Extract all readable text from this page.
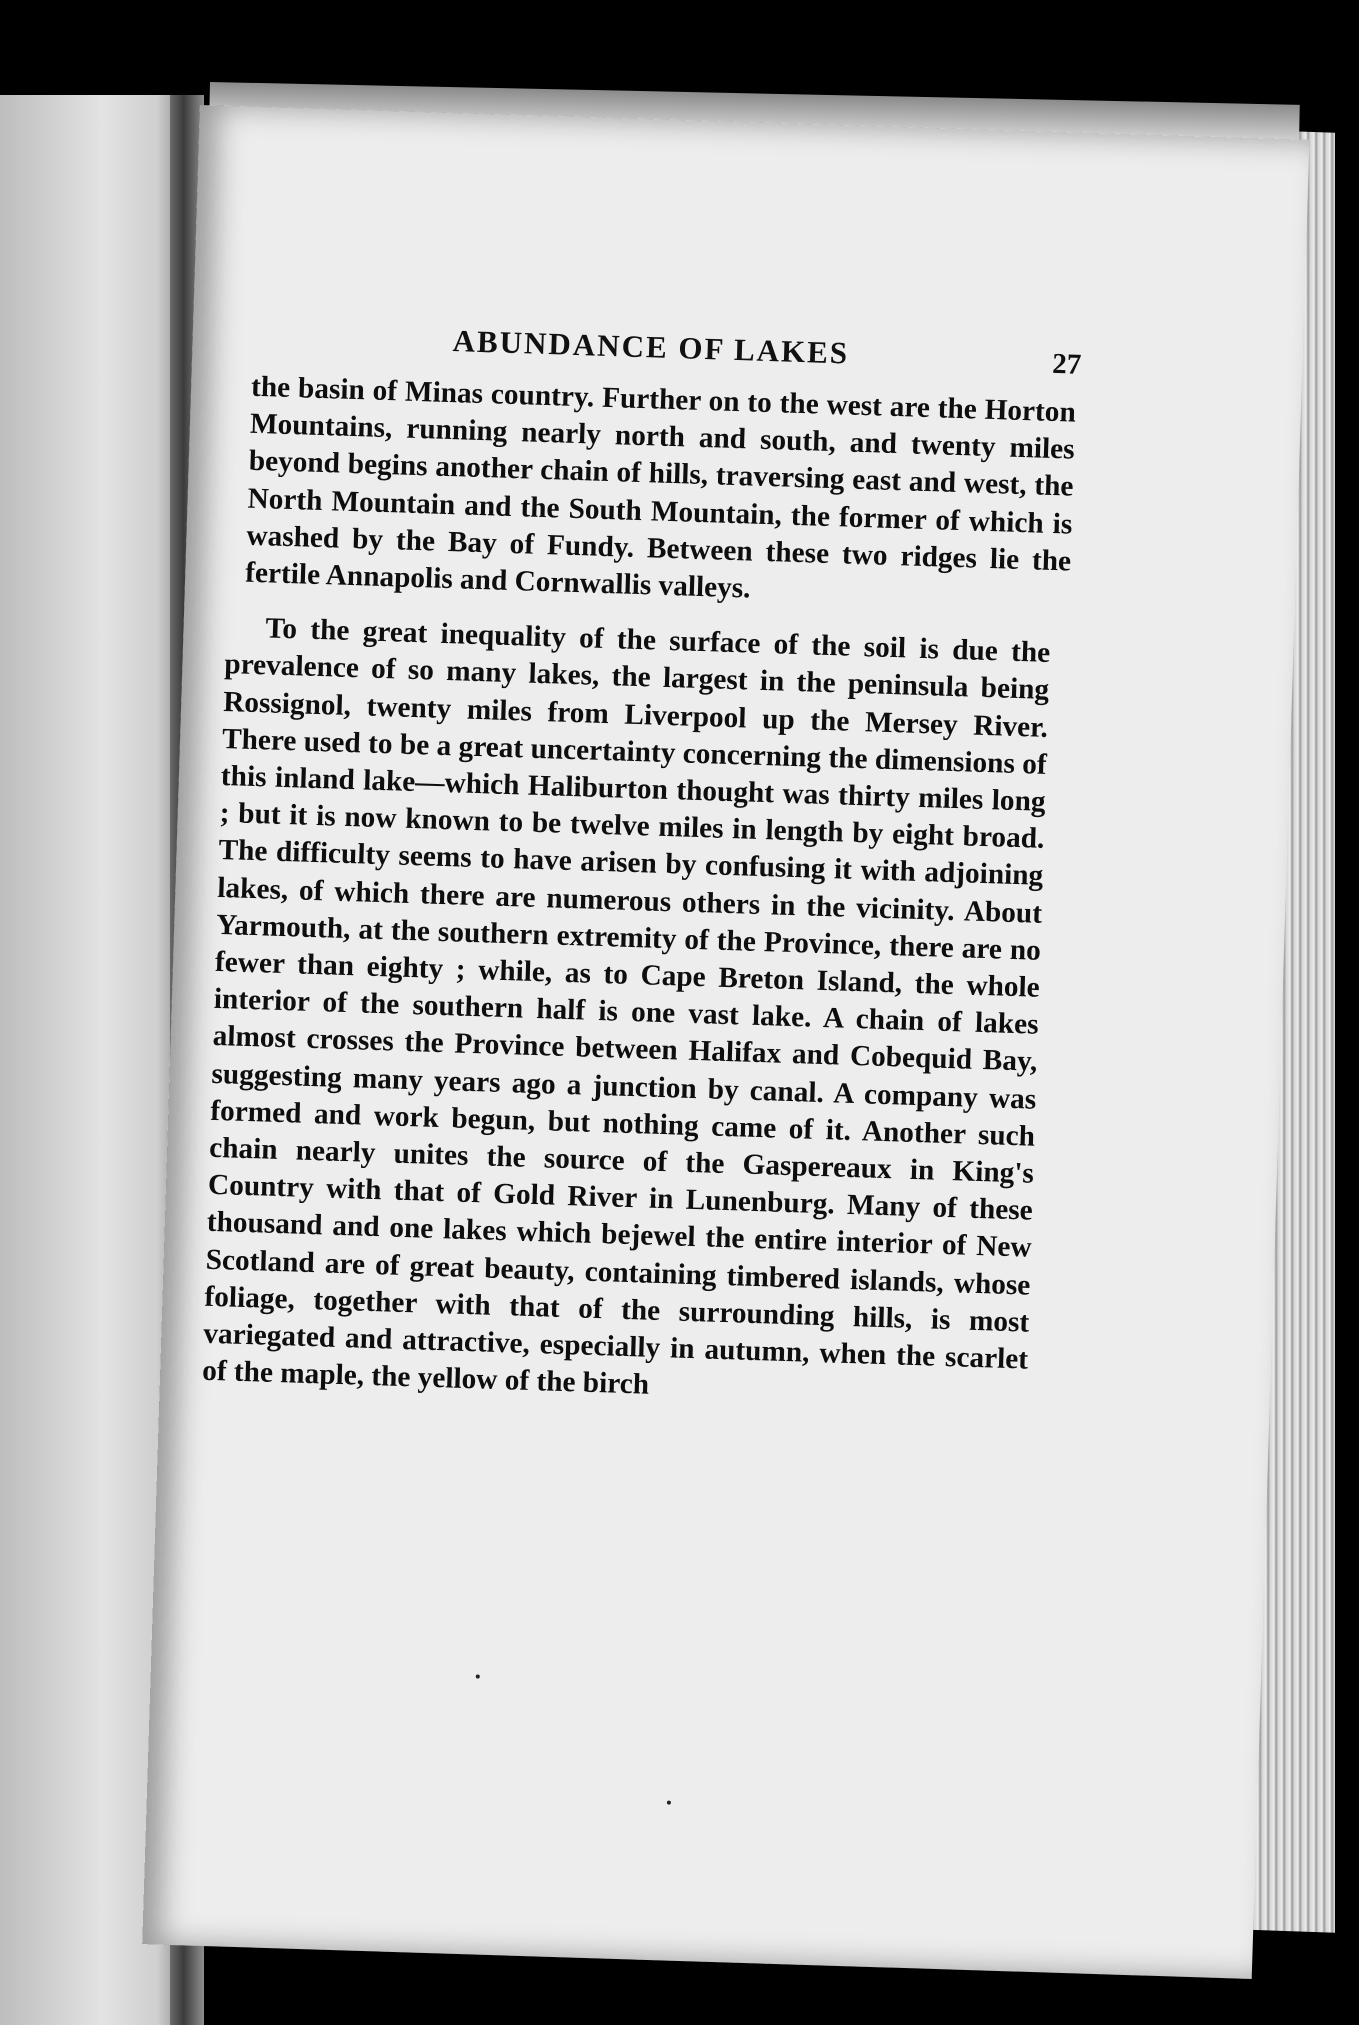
ABUNDANCE OF LAKES	27

the basin of Minas country. Further on to the west are the Horton Mountains, running nearly north and south, and twenty miles beyond begins another chain of hills, traversing east and west, the North Mountain and the South Mountain, the former of which is washed by the Bay of Fundy. Between these two ridges lie the fertile Annapolis and Cornwallis valleys.

To the great inequality of the surface of the soil is due the prevalence of so many lakes, the largest in the peninsula being Rossignol, twenty miles from Liverpool up the Mersey River. There used to be a great uncertainty concerning the dimensions of this inland lake—which Haliburton thought was thirty miles long ; but it is now known to be twelve miles in length by eight broad. The difficulty seems to have arisen by confusing it with adjoining lakes, of which there are numerous others in the vicinity. About Yarmouth, at the southern extremity of the Province, there are no fewer than eighty ; while, as to Cape Breton Island, the whole interior of the southern half is one vast lake. A chain of lakes almost crosses the Province between Halifax and Cobequid Bay, suggesting many years ago a junction by canal. A company was formed and work begun, but nothing came of it. Another such chain nearly unites the source of the Gaspereaux in King's Country with that of Gold River in Lunenburg. Many of these thousand and one lakes which bejewel the entire interior of New Scotland are of great beauty, containing timbered islands, whose foliage, together with that of the surrounding hills, is most variegated and attractive, especially in autumn, when the scarlet of the maple, the yellow of the birch
